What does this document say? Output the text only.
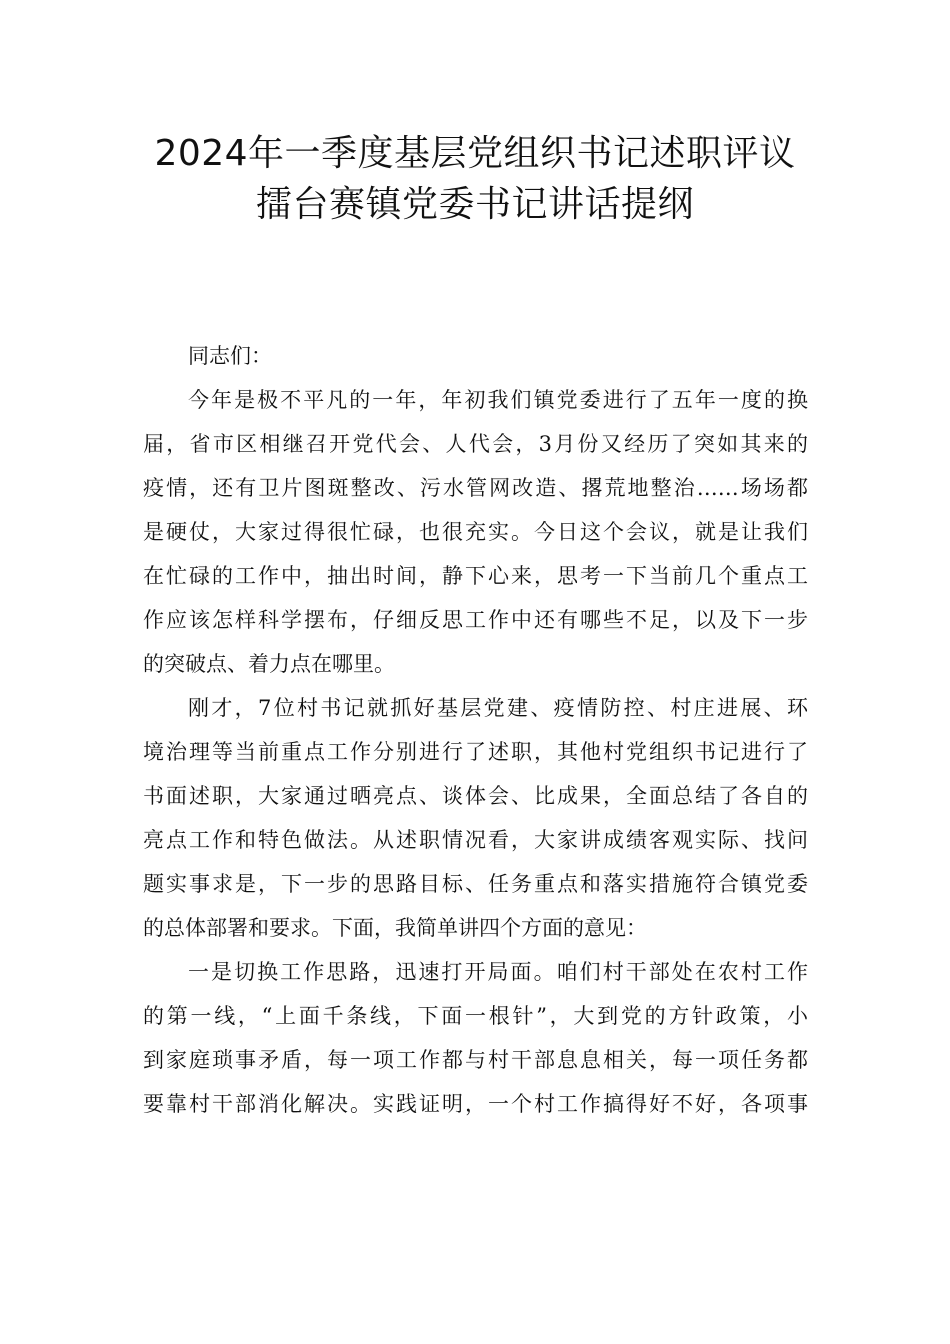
2024年一季度基层党组织书记述职评议
擂台赛镇党委书记讲话提纲

同志们：

今年是极不平凡的一年，年初我们镇党委进行了五年一度的换
届，省市区相继召开党代会、人代会，3月份又经历了突如其来的
疫情，还有卫片图斑整改、污水管网改造、撂荒地整治……场场都
是硬仗，大家过得很忙碌，也很充实。今日这个会议，就是让我们
在忙碌的工作中，抽出时间，静下心来，思考一下当前几个重点工
作应该怎样科学摆布，仔细反思工作中还有哪些不足，以及下一步
的突破点、着力点在哪里。

刚才，7位村书记就抓好基层党建、疫情防控、村庄进展、环
境治理等当前重点工作分别进行了述职，其他村党组织书记进行了
书面述职，大家通过晒亮点、谈体会、比成果，全面总结了各自的
亮点工作和特色做法。从述职情况看，大家讲成绩客观实际、找问
题实事求是，下一步的思路目标、任务重点和落实措施符合镇党委
的总体部署和要求。下面，我简单讲四个方面的意见：

一是切换工作思路，迅速打开局面。咱们村干部处在农村工作
的第一线，“上面千条线，下面一根针”，大到党的方针政策，小
到家庭琐事矛盾，每一项工作都与村干部息息相关，每一项任务都
要靠村干部消化解决。实践证明，一个村工作搞得好不好，各项事
